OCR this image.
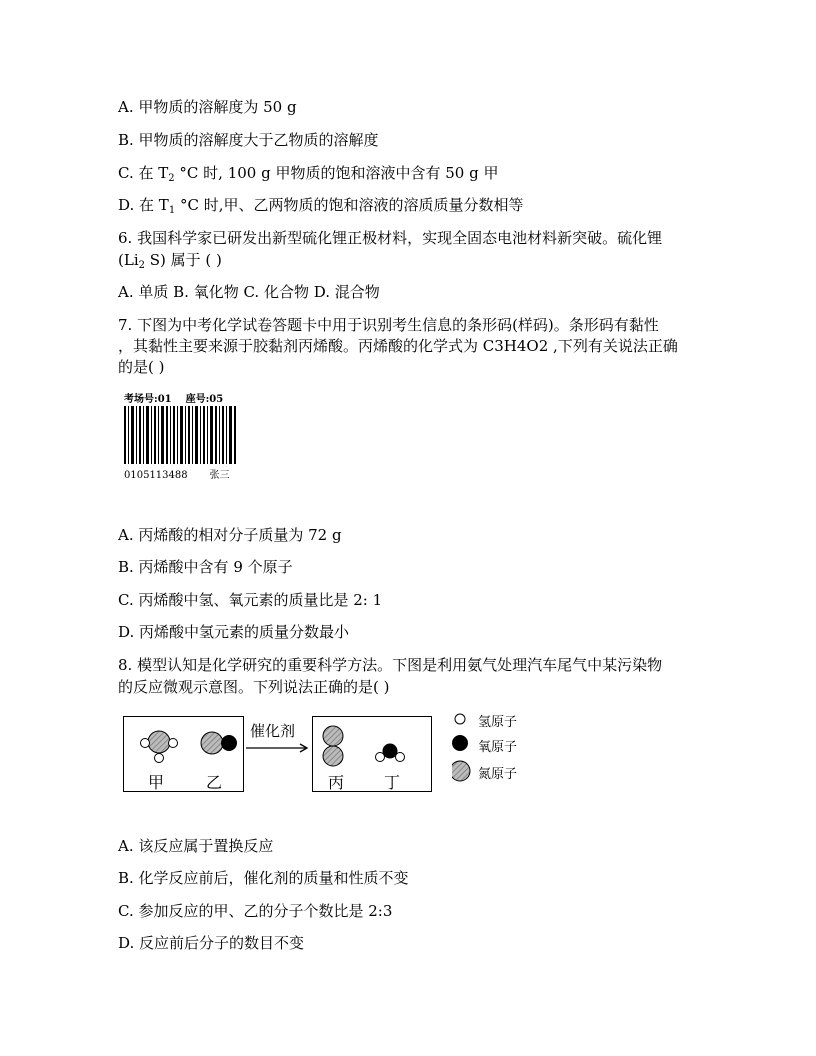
A. 甲物质的溶解度为 50 g
B. 甲物质的溶解度大于乙物质的溶解度
C. 在 $T_2$ °C 时, 100 g 甲物质的饱和溶液中含有 50 g 甲
D. 在 $T_1$ °C 时,甲、乙两物质的饱和溶液的溶质质量分数相等
6. 我国科学家已研发出新型硫化锂正极材料，实现全固态电池材料新突破。硫化锂
($Li_2$ S) 属于 ( )
A. 单质 B. 氧化物 C. 化合物 D. 混合物
7. 下图为中考化学试卷答题卡中用于识别考生信息的条形码(样码)。条形码有黏性
，其黏性主要来源于胶黏剂丙烯酸。丙烯酸的化学式为 C3H4O2 ,下列有关说法正确
的是( )
考场号:01 座号:05
0105113488 张三
A. 丙烯酸的相对分子质量为 72 g
B. 丙烯酸中含有 9 个原子
C. 丙烯酸中氢、氧元素的质量比是 2: 1
D. 丙烯酸中氢元素的质量分数最小
8. 模型认知是化学研究的重要科学方法。下图是利用氨气处理汽车尾气中某污染物
的反应微观示意图。下列说法正确的是( )
甲	乙
催化剂
丙 丁
氢原子
氧原子
氮原子
A. 该反应属于置换反应
B. 化学反应前后，催化剂的质量和性质不变
C. 参加反应的甲、乙的分子个数比是 2:3
D. 反应前后分子的数目不变
